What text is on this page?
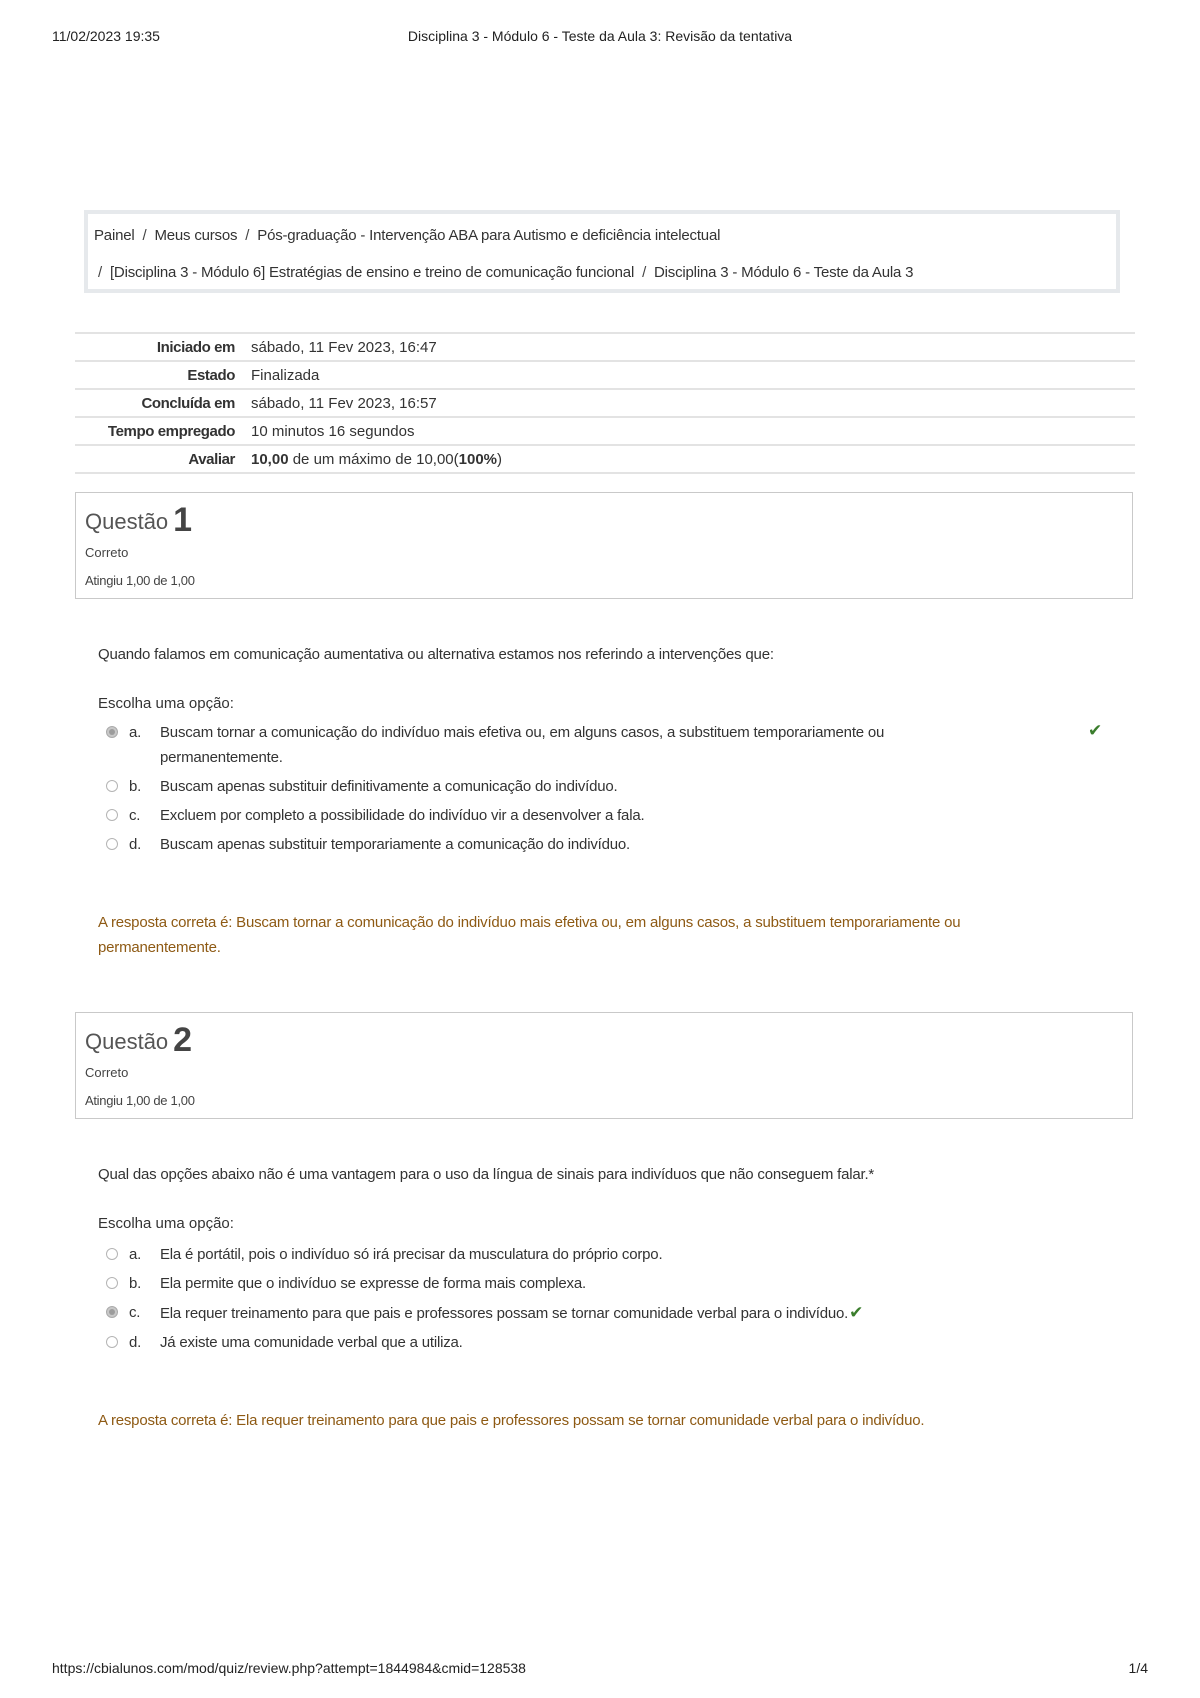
11/02/2023 19:35	Disciplina 3 - Módulo 6 - Teste da Aula 3: Revisão da tentativa
Painel / Meus cursos / Pós-graduação - Intervenção ABA para Autismo e deficiência intelectual
/ [Disciplina 3 - Módulo 6] Estratégias de ensino e treino de comunicação funcional / Disciplina 3 - Módulo 6 - Teste da Aula 3
Iniciado em	sábado, 11 Fev 2023, 16:47
Estado	Finalizada
Concluída em	sábado, 11 Fev 2023, 16:57
Tempo empregado	10 minutos 16 segundos
Avaliar	10,00 de um máximo de 10,00(100%)
Questão 1
Correto
Atingiu 1,00 de 1,00
Quando falamos em comunicação aumentativa ou alternativa estamos nos referindo a intervenções que:
Escolha uma opção:
a. Buscam tornar a comunicação do indivíduo mais efetiva ou, em alguns casos, a substituem temporariamente ou permanentemente.
✔
b. Buscam apenas substituir definitivamente a comunicação do indivíduo.
c. Excluem por completo a possibilidade do indivíduo vir a desenvolver a fala.
d. Buscam apenas substituir temporariamente a comunicação do indivíduo.
A resposta correta é: Buscam tornar a comunicação do indivíduo mais efetiva ou, em alguns casos, a substituem temporariamente ou permanentemente.
Questão 2
Correto
Atingiu 1,00 de 1,00
Qual das opções abaixo não é uma vantagem para o uso da língua de sinais para indivíduos que não conseguem falar.*
Escolha uma opção:
a. Ela é portátil, pois o indivíduo só irá precisar da musculatura do próprio corpo.
b. Ela permite que o indivíduo se expresse de forma mais complexa.
c. Ela requer treinamento para que pais e professores possam se tornar comunidade verbal para o indivíduo.✔
d. Já existe uma comunidade verbal que a utiliza.
A resposta correta é: Ela requer treinamento para que pais e professores possam se tornar comunidade verbal para o indivíduo.
https://cbialunos.com/mod/quiz/review.php?attempt=1844984&cmid=128538	1/4
